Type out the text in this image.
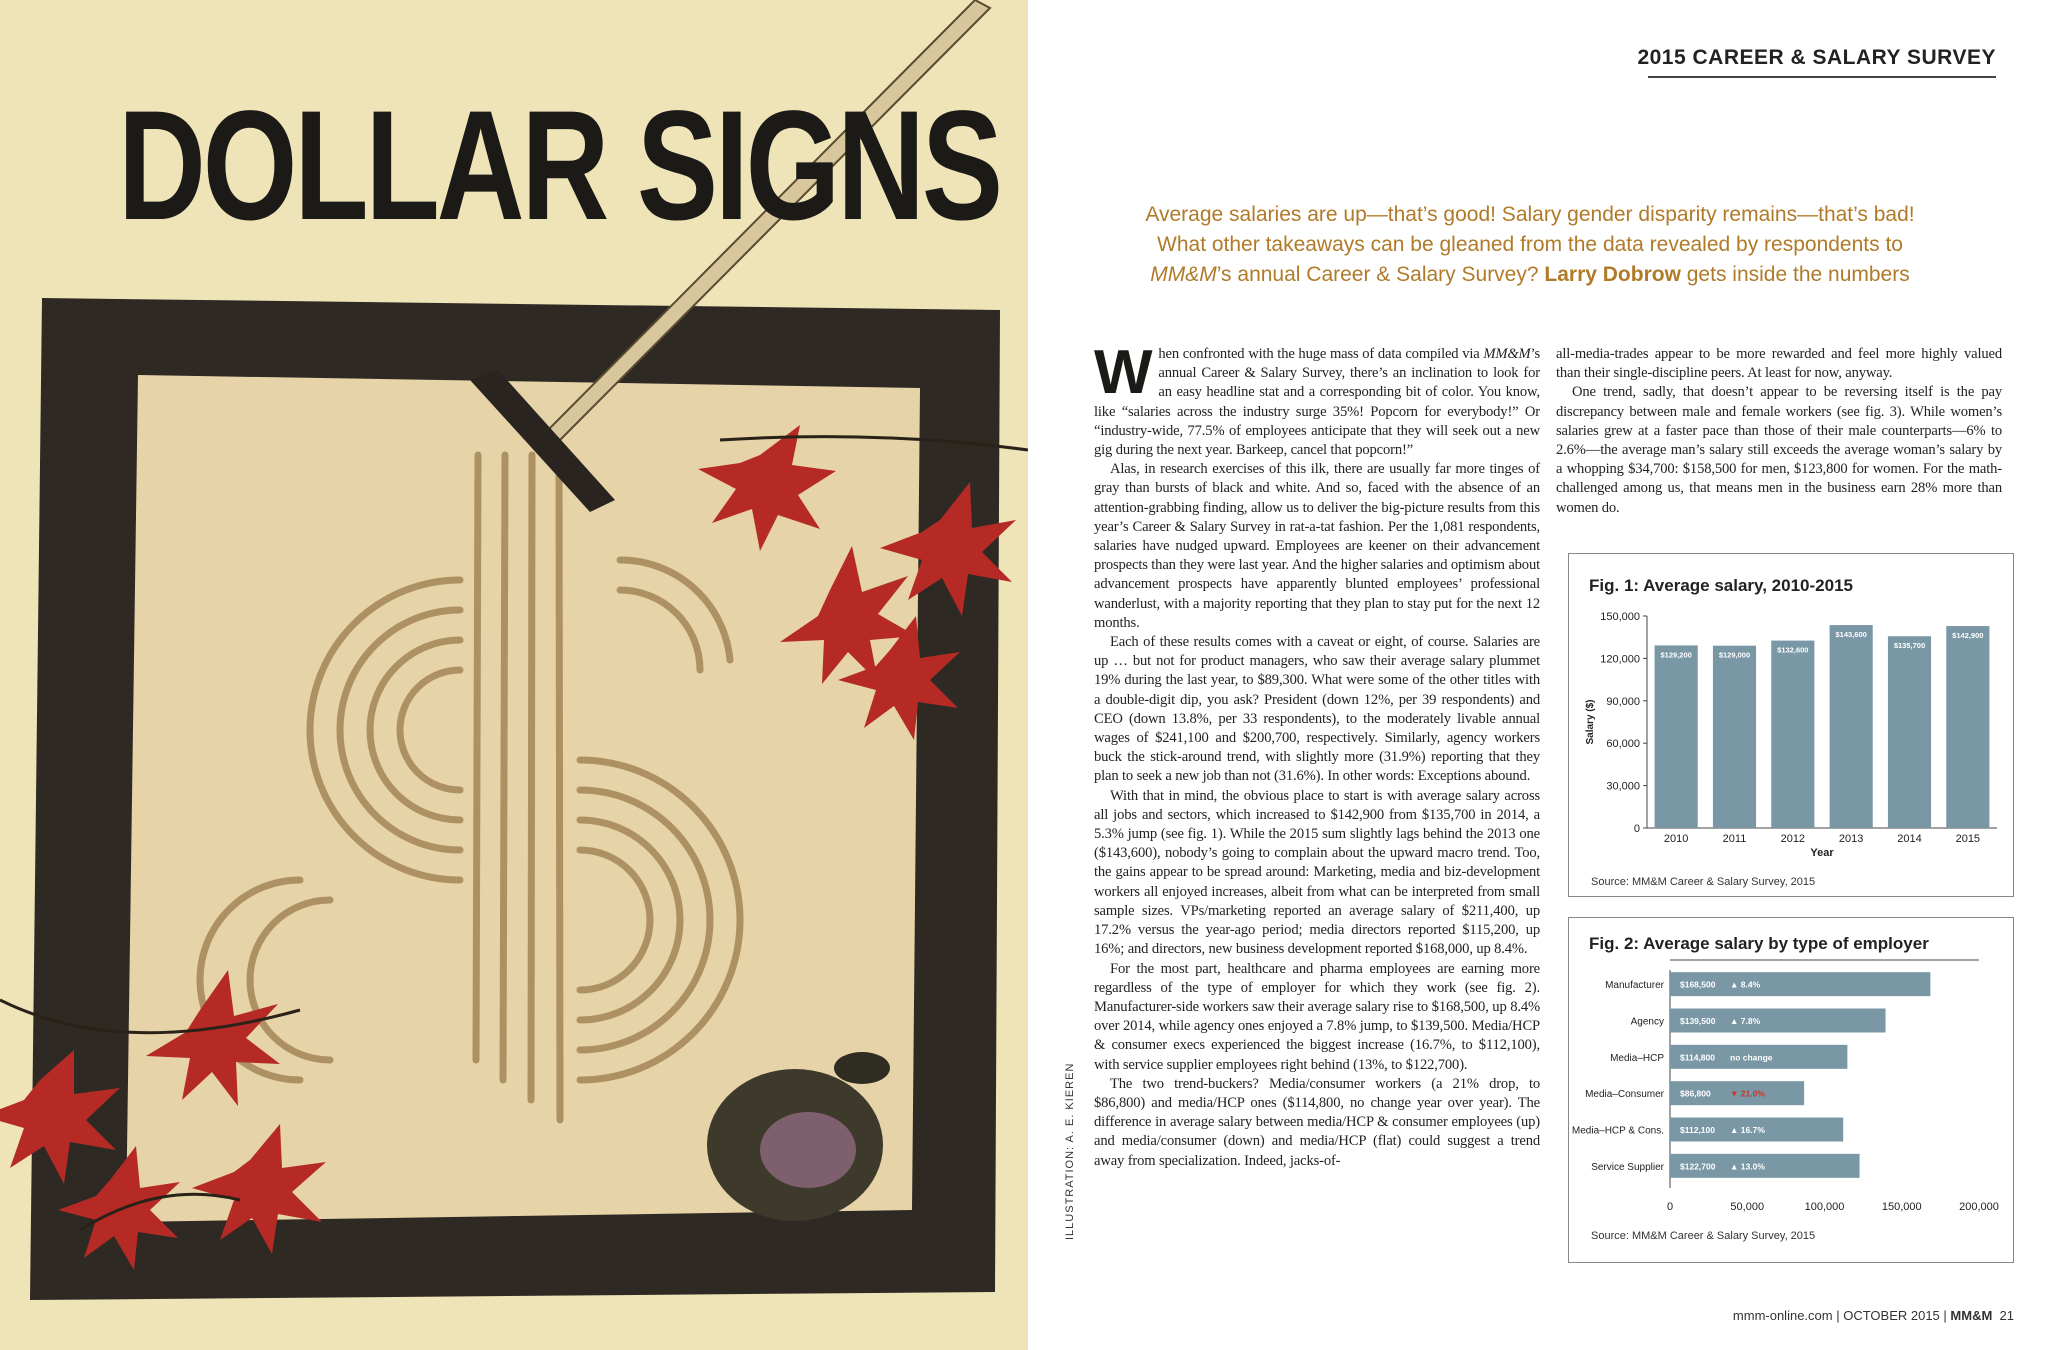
DOLLAR SIGNS
ILLUSTRATION: A. E. KIEREN
2015 CAREER & SALARY SURVEY
Average salaries are up—that’s good! Salary gender disparity remains—that’s bad! What other takeaways can be gleaned from the data revealed by respondents to MM&M’s annual Career & Salary Survey? Larry Dobrow gets inside the numbers

When confronted with the huge mass of data compiled via MM&M’s annual Career & Salary Survey, there’s an inclination to look for an easy headline stat and a corresponding bit of color. You know, like “salaries across the industry surge 35%! Popcorn for everybody!” Or “industry-wide, 77.5% of employees anticipate that they will seek out a new gig during the next year. Barkeep, cancel that popcorn!”

Alas, in research exercises of this ilk, there are usually far more tinges of gray than bursts of black and white. And so, faced with the absence of an attention-grabbing finding, allow us to deliver the big-picture results from this year’s Career & Salary Survey in rat-a-tat fashion. Per the 1,081 respondents, salaries have nudged upward. Employees are keener on their advancement prospects than they were last year. And the higher salaries and optimism about advancement prospects have apparently blunted employees’ professional wanderlust, with a majority reporting that they plan to stay put for the next 12 months.

Each of these results comes with a caveat or eight, of course. Salaries are up … but not for product managers, who saw their average salary plummet 19% during the last year, to $89,300. What were some of the other titles with a double-digit dip, you ask? President (down 12%, per 39 respondents) and CEO (down 13.8%, per 33 respondents), to the moderately livable annual wages of $241,100 and $200,700, respectively. Similarly, agency workers buck the stick-around trend, with slightly more (31.9%) reporting that they plan to seek a new job than not (31.6%). In other words: Exceptions abound.

With that in mind, the obvious place to start is with average salary across all jobs and sectors, which increased to $142,900 from $135,700 in 2014, a 5.3% jump (see fig. 1). While the 2015 sum slightly lags behind the 2013 one ($143,600), nobody’s going to complain about the upward macro trend. Too, the gains appear to be spread around: Marketing, media and biz-development workers all enjoyed increases, albeit from what can be interpreted from small sample sizes. VPs/marketing reported an average salary of $211,400, up 17.2% versus the year-ago period; media directors reported $115,200, up 16%; and directors, new business development reported $168,000, up 8.4%.

For the most part, healthcare and pharma employees are earning more regardless of the type of employer for which they work (see fig. 2). Manufacturer-side workers saw their average salary rise to $168,500, up 8.4% over 2014, while agency ones enjoyed a 7.8% jump, to $139,500. Media/HCP & consumer execs experienced the biggest increase (16.7%, to $112,100), with service supplier employees right behind (13%, to $122,700).

The two trend-buckers? Media/consumer workers (a 21% drop, to $86,800) and media/HCP ones ($114,800, no change year over year). The difference in average salary between media/HCP & consumer employees (up) and media/consumer (down) and media/HCP (flat) could suggest a trend away from specialization. Indeed, jacks-of-

all-media-trades appear to be more rewarded and feel more highly valued than their single-discipline peers. At least for now, anyway.

One trend, sadly, that doesn’t appear to be reversing itself is the pay discrepancy between male and female workers (see fig. 3). While women’s salaries grew at a faster pace than those of their male counterparts—6% to 2.6%—the average man’s salary still exceeds the average woman’s salary by a whopping $34,700: $158,500 for men, $123,800 for women. For the math-challenged among us, that means men in the business earn 28% more than women do.

Fig. 1: Average salary, 2010-2015
0
30,000
60,000
90,000
120,000
150,000
Salary ($)
$129,200
2010
$129,000
2011
$132,600
2012
$143,600
2013
$135,700
2014
$142,900
2015
Year
Source: MM&M Career & Salary Survey, 2015
Fig. 2: Average salary by type of employer
0	50,000	100,000	150,000	200,000
Manufacturer $168,500 ▲ 8.4%
Agency $139,500 ▲ 7.8%
Media–HCP $114,800 no change
Media–Consumer $86,800 ▼ 21.0%
Media–HCP & Cons. $112,100 ▲ 16.7%
Service Supplier $122,700 ▲ 13.0%
Source: MM&M Career & Salary Survey, 2015
mmm-online.com | OCTOBER 2015 | MM&M 21
